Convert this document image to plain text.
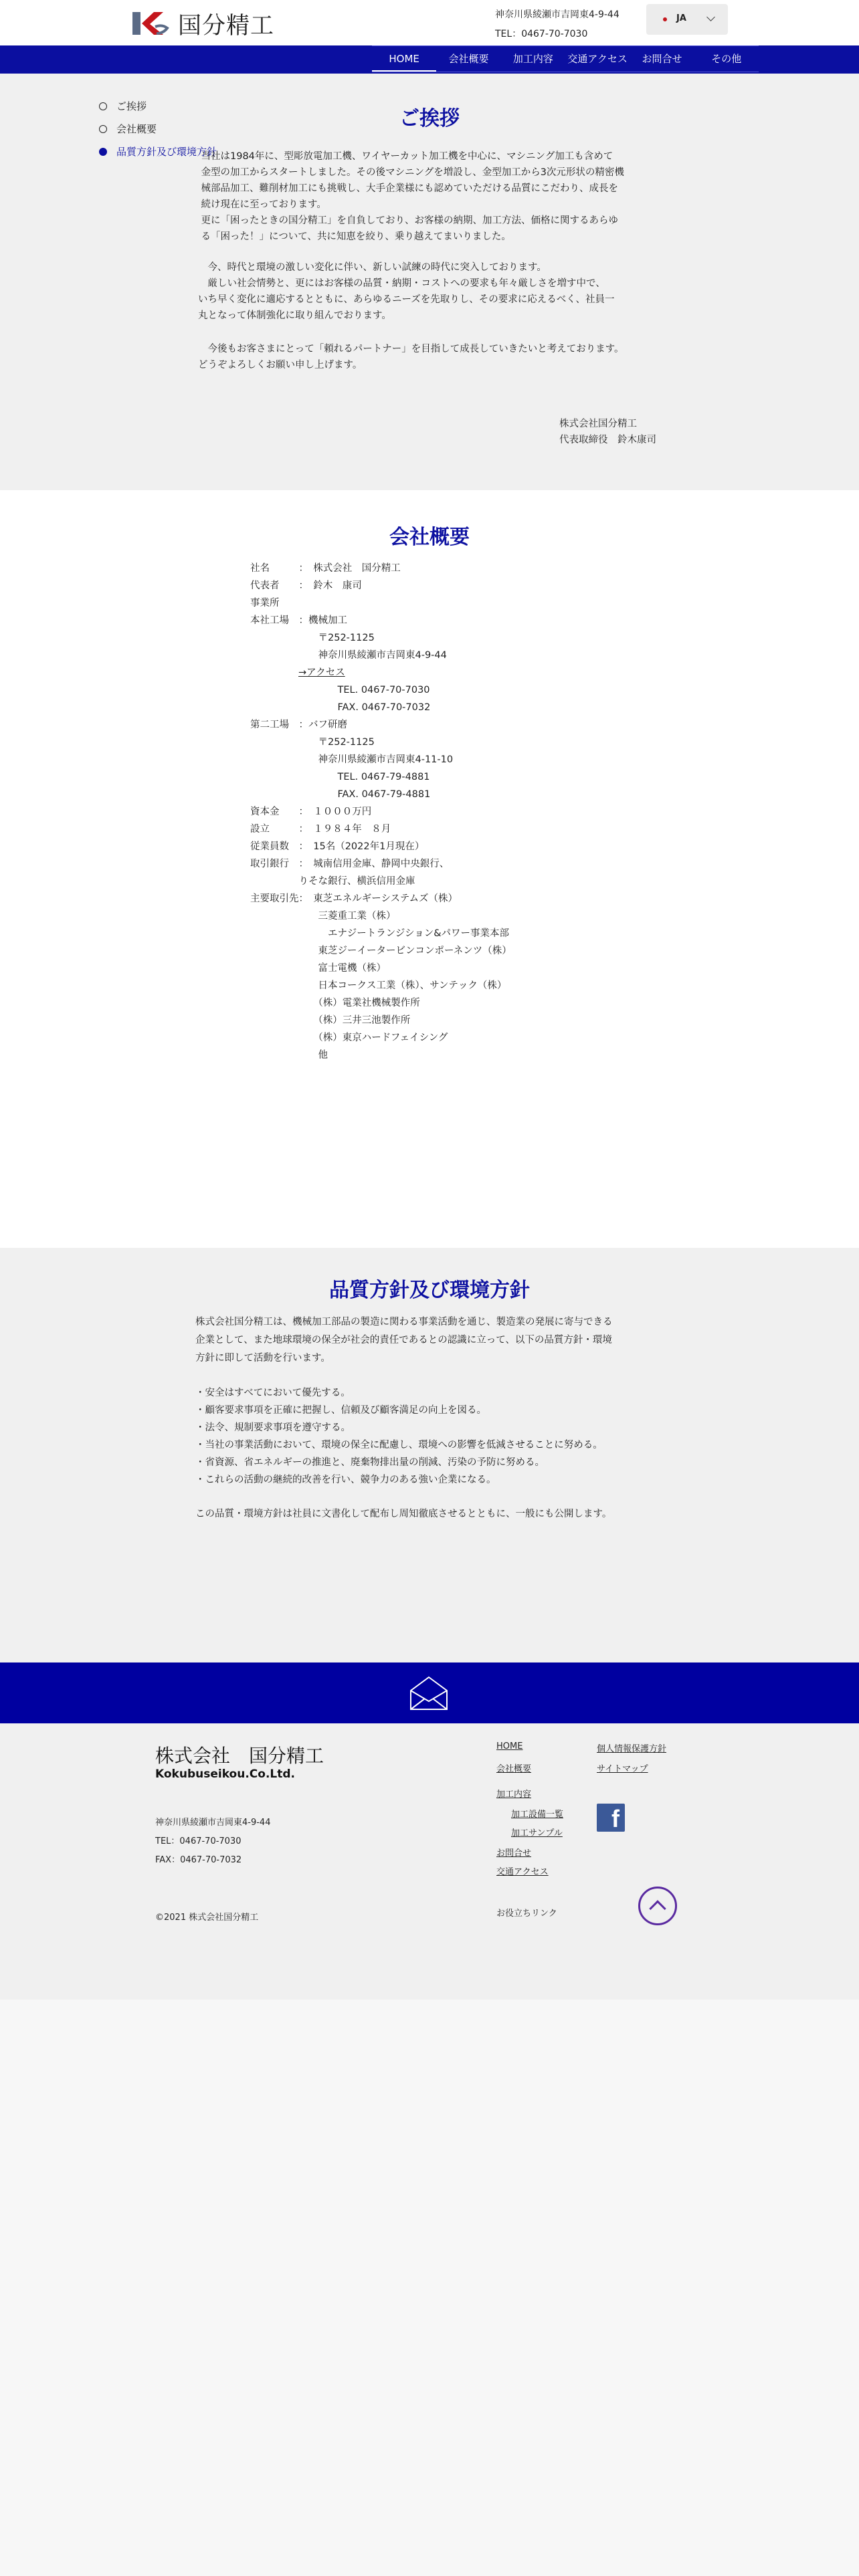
国分精工	神奈川県綾瀬市吉岡東4-9-44
TEL：0467-70-7030
JA
HOME	会社概要	加工内容	交通アクセス	お問合せ	その他
ご挨拶
会社概要
品質方針及び環境方針
ご挨拶
　当社は1984年に、型彫放電加工機、ワイヤーカット加工機を中心に、マシニング加工も含めて
　金型の加工からスタートしました。その後マシニングを増設し、金型加工から3次元形状の精密機
　械部品加工、難削材加工にも挑戦し、大手企業様にも認めていただける品質にこだわり、成長を
　続け現在に至っております。
　更に「困ったときの国分精工」を自負しており、お客様の納期、加工方法、価格に関するあらゆ
　る「困った！」について、共に知恵を絞り、乗り越えてまいりました。
　今、時代と環境の激しい変化に伴い、新しい試練の時代に突入しております。
　厳しい社会情勢と、更にはお客様の品質・納期・コストへの要求も年々厳しさを増す中で、
いち早く変化に適応するとともに、あらゆるニーズを先取りし、その要求に応えるべく、社員一
丸となって体制強化に取り組んでおります。
　今後もお客さまにとって「頼れるパートナー」を目指して成長していきたいと考えております。
どうぞよろしくお願い申し上げます。
株式会社国分精工
代表取締役　鈴木康司
会社概要
社名　　　：　株式会社　国分精工
代表者　　：　鈴木　康司
事業所
本社工場　：機械加工
　　　　　　　〒252-1125
　　　　　　　神奈川県綾瀬市吉岡東4-9-44
→アクセス
　　　　　　　　　TEL. 0467-70-7030
　　　　　　　　　FAX. 0467-70-7032
第二工場　：バフ研磨
　　　　　　　〒252-1125
　　　　　　　神奈川県綾瀬市吉岡東4-11-10
　　　　　　　　　TEL. 0467-79-4881
　　　　　　　　　FAX. 0467-79-4881
資本金　　：　１０００万円
設立　　　：　１９８４年　８月
従業員数　：　15名（2022年1月現在）
取引銀行　：　城南信用金庫、静岡中央銀行、
　　　　　りそな銀行、横浜信用金庫
主要取引先：　東芝エネルギーシステムズ（株）
　　　　　　　三菱重工業（株）
　　　　　　　　エナジートランジション&パワー事業本部
　　　　　　　東芝ジーイータービンコンポーネンツ（株）
　　　　　　　富士電機（株）
　　　　　　　日本コークス工業（株）、サンテック（株）
　　　　　　　（株）電業社機械製作所
　　　　　　　（株）三井三池製作所
　　　　　　　（株）東京ハードフェイシング
　　　　　　　他
品質方針及び環境方針
株式会社国分精工は、機械加工部品の製造に関わる事業活動を通じ、製造業の発展に寄与できる
企業として、また地球環境の保全が社会的責任であるとの認識に立って、以下の品質方針・環境
方針に即して活動を行います。
・安全はすべてにおいて優先する。
・顧客要求事項を正確に把握し、信頼及び顧客満足の向上を図る。
・法令、規制要求事項を遵守する。
・当社の事業活動において、環境の保全に配慮し、環境への影響を低減させることに努める。
・省資源、省エネルギーの推進と、廃棄物排出量の削減、汚染の予防に努める。
・これらの活動の継続的改善を行い、競争力のある強い企業になる。
この品質・環境方針は社員に文書化して配布し周知徹底させるとともに、一般にも公開します。
株式会社　国分精工
Kokubuseikou.Co.Ltd.
神奈川県綾瀬市吉岡東4-9-44
TEL：0467-70-7030
FAX：0467-70-7032
©2021 株式会社国分精工
HOME
会社概要
加工内容
加工設備一覧
加工サンプル
お問合せ
交通アクセス
お役立ちリンク
個人情報保護方針
サイトマップ
f
